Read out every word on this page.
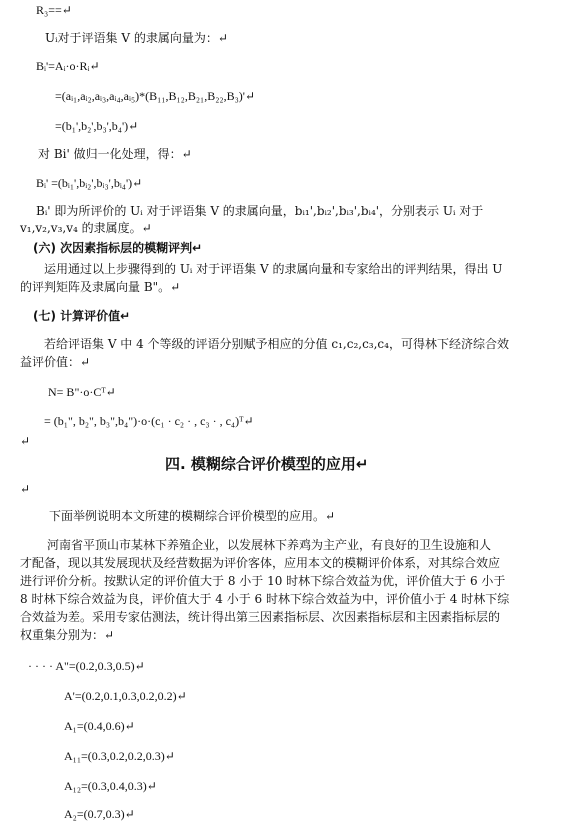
R₃==↵
Uᵢ对于评语集 V 的隶属向量为：↵
Bᵢ'=Aᵢ·o·Rᵢ↵
=(aᵢ₁,aᵢ₂,aᵢ₃,aᵢ₄,aᵢ₅)*(B₁₁,B₁₂,B₂₁,B₂₂,B₃)'↵
=(b₁',b₂',b₃',b₄')↵
对 Bi' 做归一化处理，得：↵
Bᵢ' =(bᵢ₁',bᵢ₂',bᵢ₃',bᵢ₄')↵
Bᵢ' 即为所评价的 Uᵢ 对于评语集 V 的隶属向量，bᵢ₁',bᵢ₂',bᵢ₃',bᵢ₄'，分别表示 Uᵢ 对于
v₁,v₂,v₃,v₄ 的隶属度。↵
(六) 次因素指标层的模糊评判↵
运用通过以上步骤得到的 Uᵢ 对于评语集 V 的隶属向量和专家给出的评判结果，得出 U
的评判矩阵及隶属向量 B"。↵
(七) 计算评价值↵
若给评语集 V 中 4 个等级的评语分别赋予相应的分值 c₁,c₂,c₃,c₄，可得林下经济综合效
益评价值：↵
N= B"·o·Cᵀ↵
= (b₁", b₂", b₃",b₄")·o·(c₁ · c₂ · , c₃ · , c₄)ᵀ↵
↵
四. 模糊综合评价模型的应用↵
↵
下面举例说明本文所建的模糊综合评价模型的应用。↵
河南省平顶山市某林下养殖企业，以发展林下养鸡为主产业，有良好的卫生设施和人
才配备，现以其发展现状及经营数据为评价客体，应用本文的模糊评价体系，对其综合效应
进行评价分析。按默认定的评价值大于 8 小于 10 时林下综合效益为优，评价值大于 6 小于
8 时林下综合效益为良，评价值大于 4 小于 6 时林下综合效益为中，评价值小于 4 时林下综
合效益为差。采用专家估测法，统计得出第三因素指标层、次因素指标层和主因素指标层的
权重集分别为：↵
· · · · A"=(0.2,0.3,0.5)↵
A'=(0.2,0.1,0.3,0.2,0.2)↵
A₁=(0.4,0.6)↵
A₁₁=(0.3,0.2,0.2,0.3)↵
A₁₂=(0.3,0.4,0.3)↵
A₂=(0.7,0.3)↵
